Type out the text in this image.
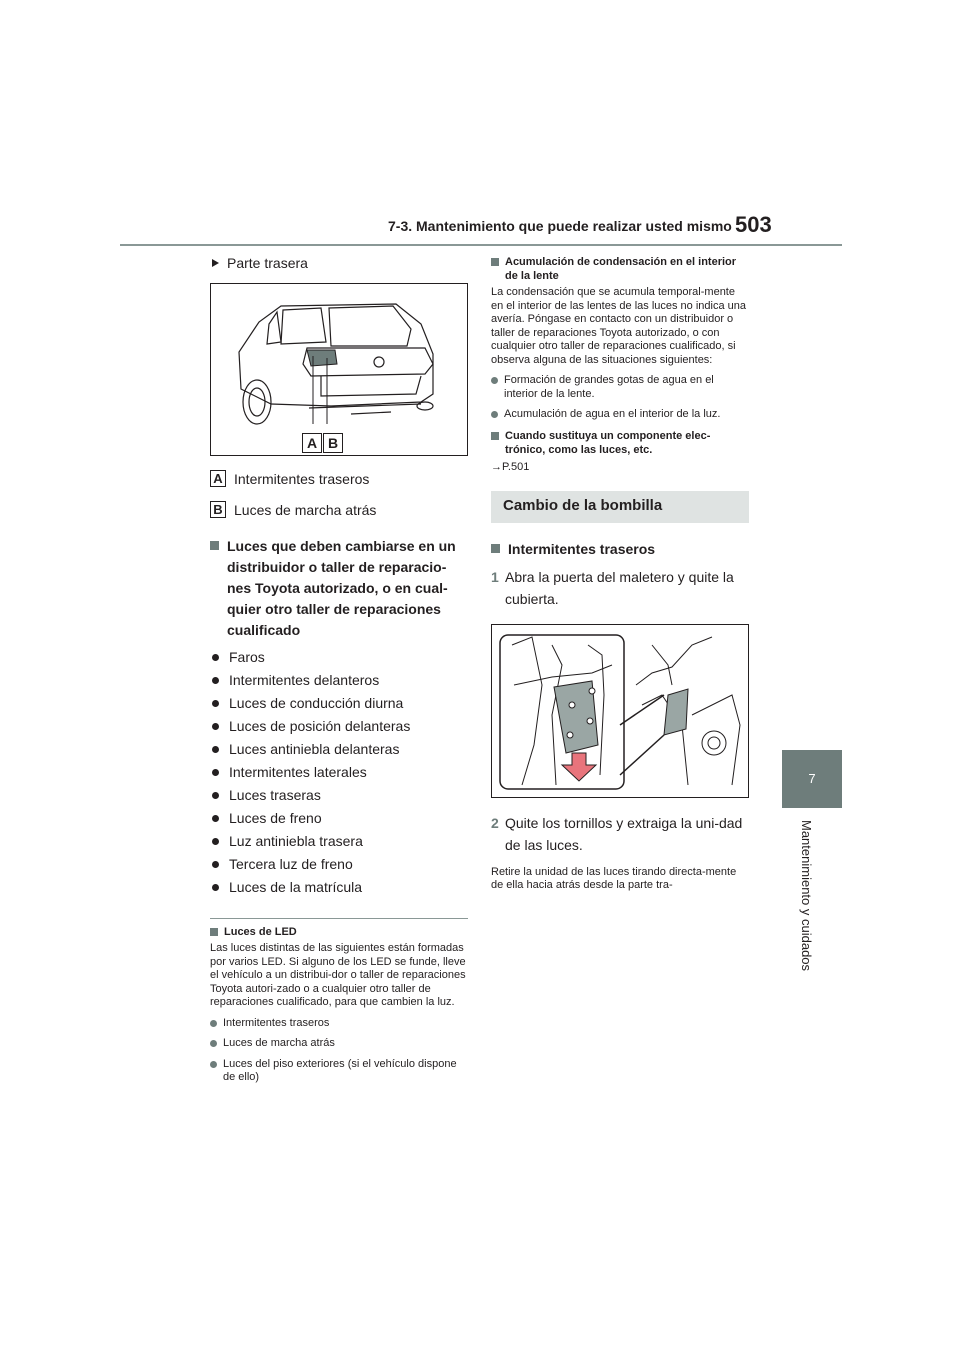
7-3. Mantenimiento que puede realizar usted mismo 503
7
Mantenimiento y cuidados
Parte trasera
A B
A Intermitentes traseros
B Luces de marcha atrás
Luces que deben cambiarse en un distribuidor o taller de reparacio-nes Toyota autorizado, o en cual-quier otro taller de reparaciones cualificado
Faros
Intermitentes delanteros
Luces de conducción diurna
Luces de posición delanteras
Luces antiniebla delanteras
Intermitentes laterales
Luces traseras
Luces de freno
Luz antiniebla trasera
Tercera luz de freno
Luces de la matrícula
Luces de LED

Las luces distintas de las siguientes están formadas por varios LED. Si alguno de los LED se funde, lleve el vehículo a un distribui-dor o taller de reparaciones Toyota autori-zado o a cualquier otro taller de reparaciones cualificado, para que cambien la luz.

Intermitentes traseros
Luces de marcha atrás
Luces del piso exteriores (si el vehículo dispone de ello)
Acumulación de condensación en el interior de la lente

La condensación que se acumula temporal-mente en el interior de las lentes de las luces no indica una avería. Póngase en contacto con un distribuidor o taller de reparaciones Toyota autorizado, o con cualquier otro taller de reparaciones cualificado, si observa alguna de las situaciones siguientes:

Formación de grandes gotas de agua en el interior de la lente.
Acumulación de agua en el interior de la luz.
Cuando sustituya un componente elec-trónico, como las luces, etc.
→P.501
Cambio de la bombilla
Intermitentes traseros
1 Abra la puerta del maletero y quite la cubierta.
2 Quite los tornillos y extraiga la uni-dad de las luces.

Retire la unidad de las luces tirando directa-mente de ella hacia atrás desde la parte tra-
